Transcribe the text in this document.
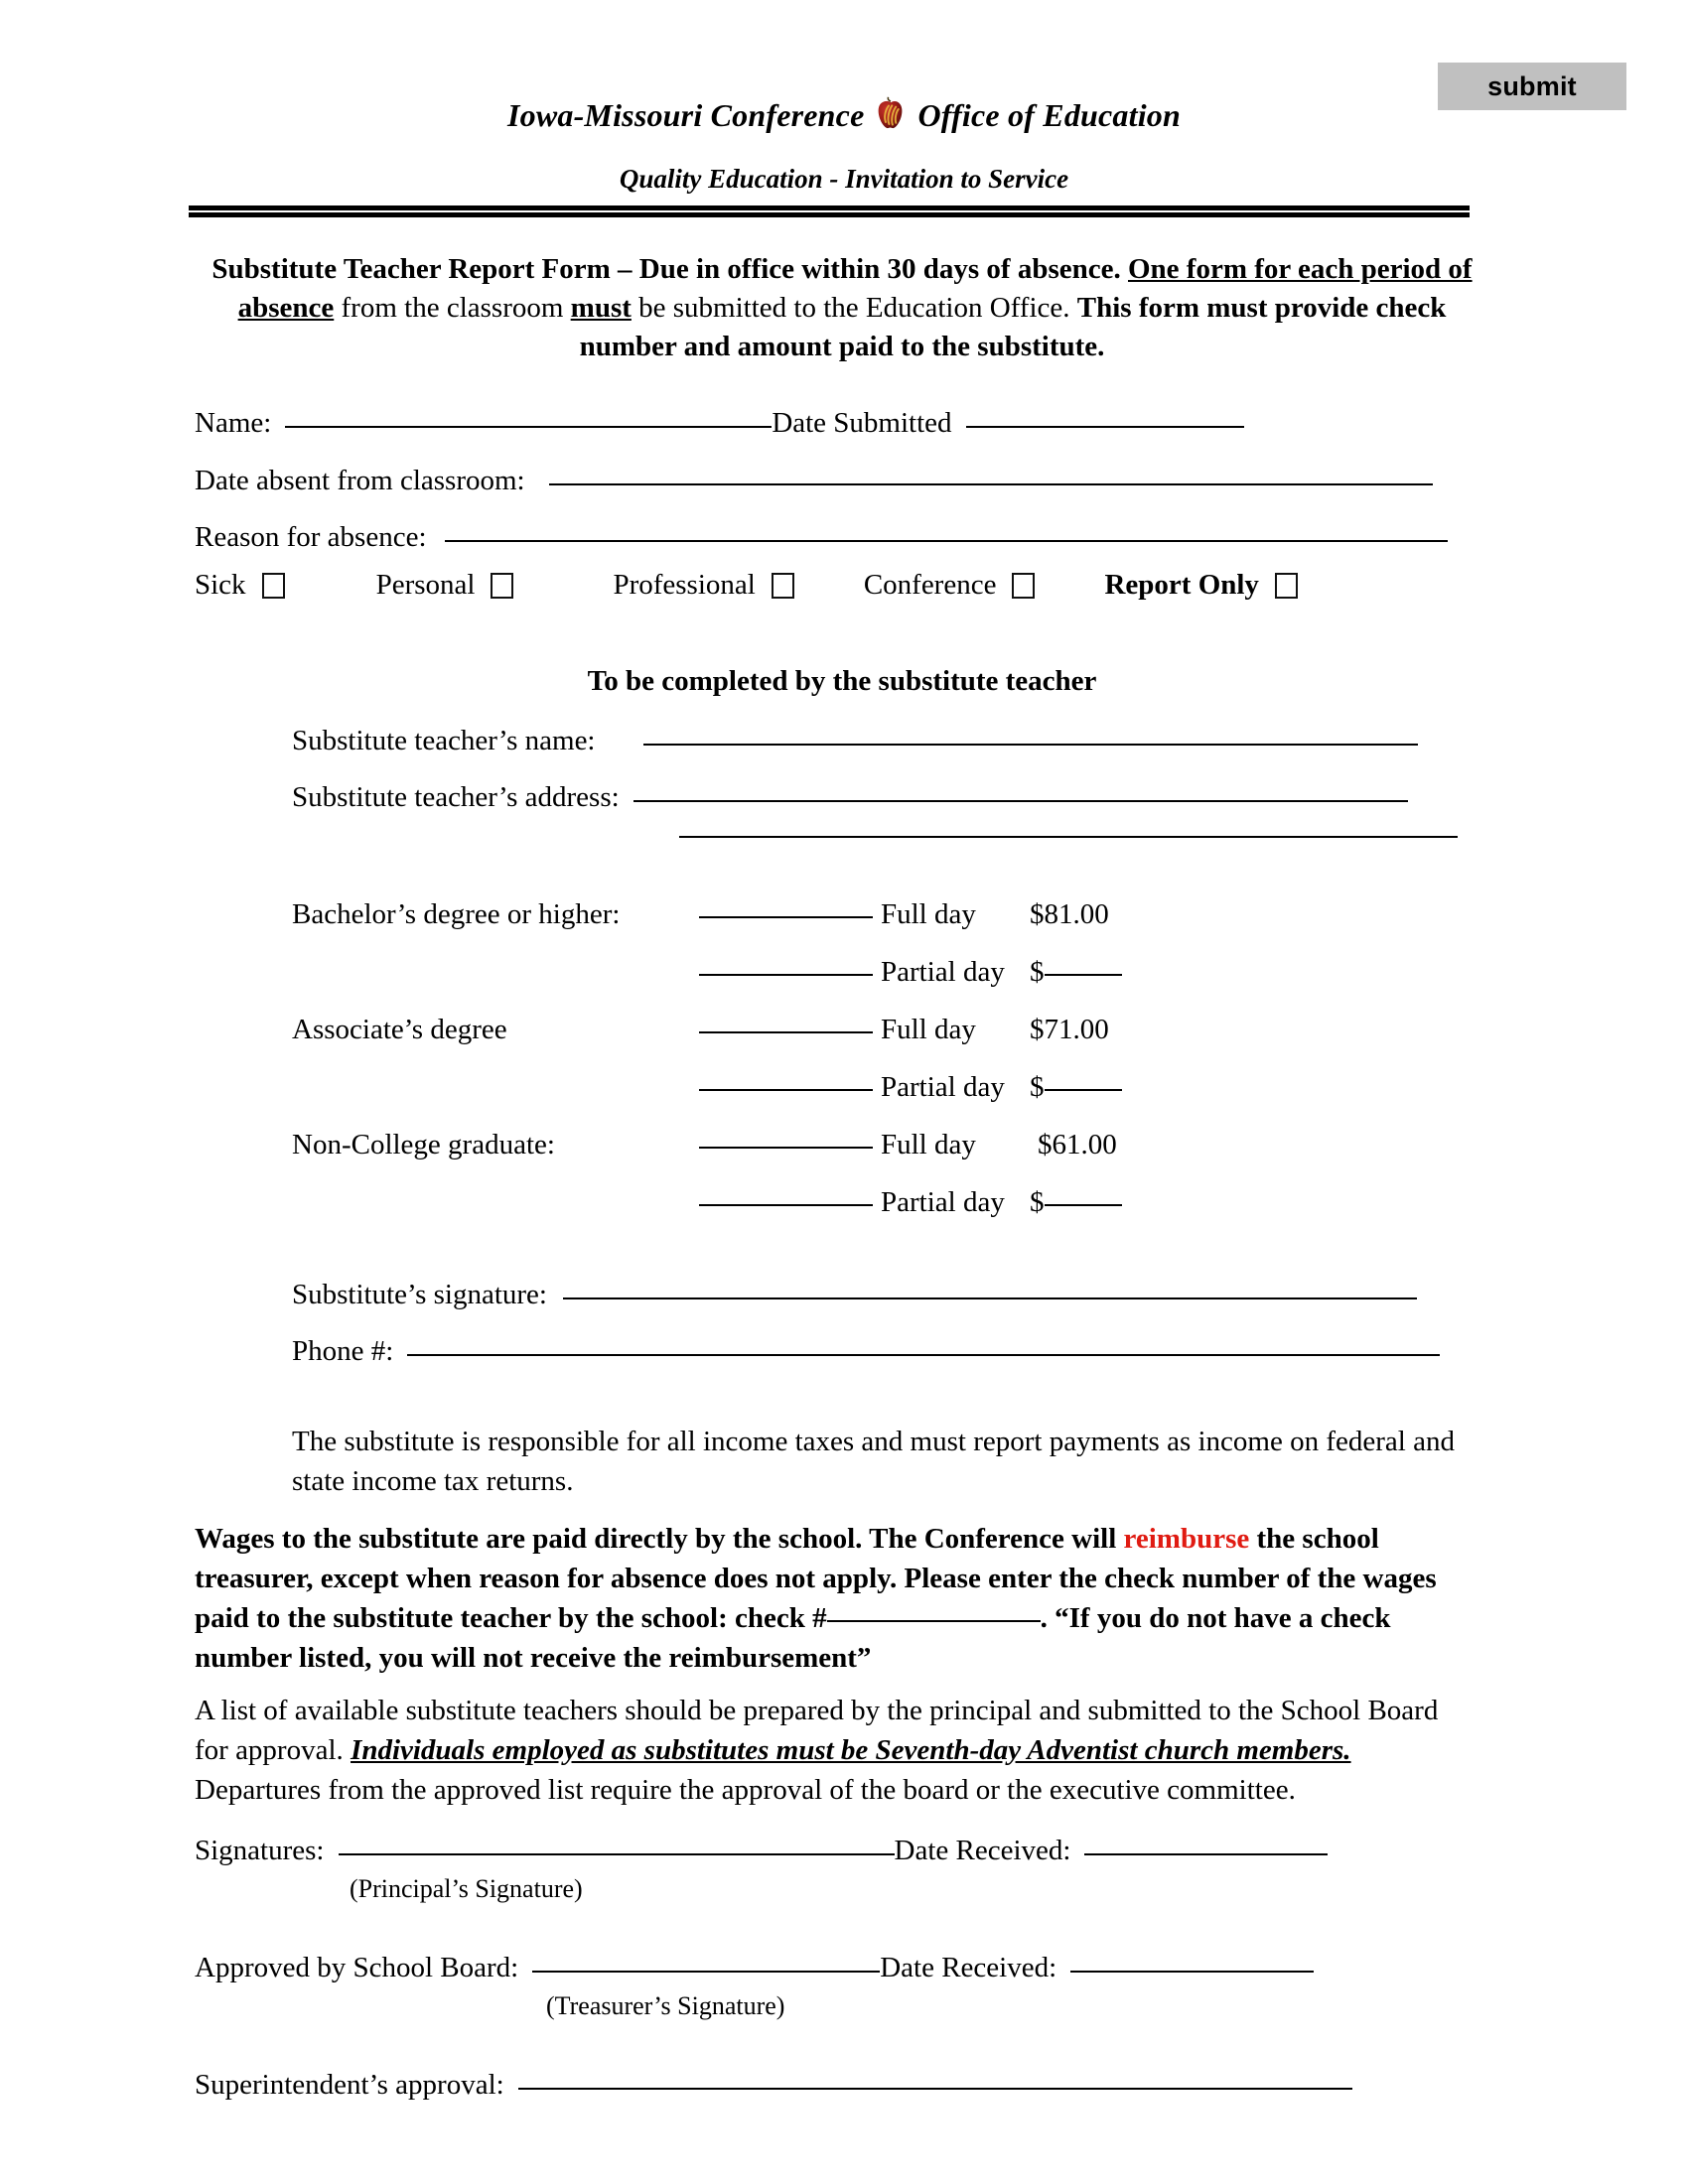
submit
Iowa-Missouri Conference Office of Education
Quality Education - Invitation to Service
Substitute Teacher Report Form – Due in office within 30 days of absence. One form for each period of absence from the classroom must be submitted to the Education Office. This form must provide check number and amount paid to the substitute.
Name:	Date Submitted
Date absent from classroom:
Reason for absence:
Sick	Personal	Professional	Conference	Report Only
To be completed by the substitute teacher
Substitute teacher’s name:
Substitute teacher’s address:
Bachelor’s degree or higher:	Full day	$81.00
Partial day $
Associate’s degree	Full day	$71.00
Partial day $
Non-College graduate:	Full day	$61.00
Partial day $
Substitute’s signature:
Phone #:
The substitute is responsible for all income taxes and must report payments as income on federal and state income tax returns.
Wages to the substitute are paid directly by the school. The Conference will reimburse the school treasurer, except when reason for absence does not apply. Please enter the check number of the wages paid to the substitute teacher by the school: check #	. “If you do not have a check number listed, you will not receive the reimbursement”
A list of available substitute teachers should be prepared by the principal and submitted to the School Board for approval. Individuals employed as substitutes must be Seventh-day Adventist church members. Departures from the approved list require the approval of the board or the executive committee.
Signatures:	Date Received:
(Principal’s Signature)
Approved by School Board:	Date Received:
(Treasurer’s Signature)
Superintendent’s approval:
